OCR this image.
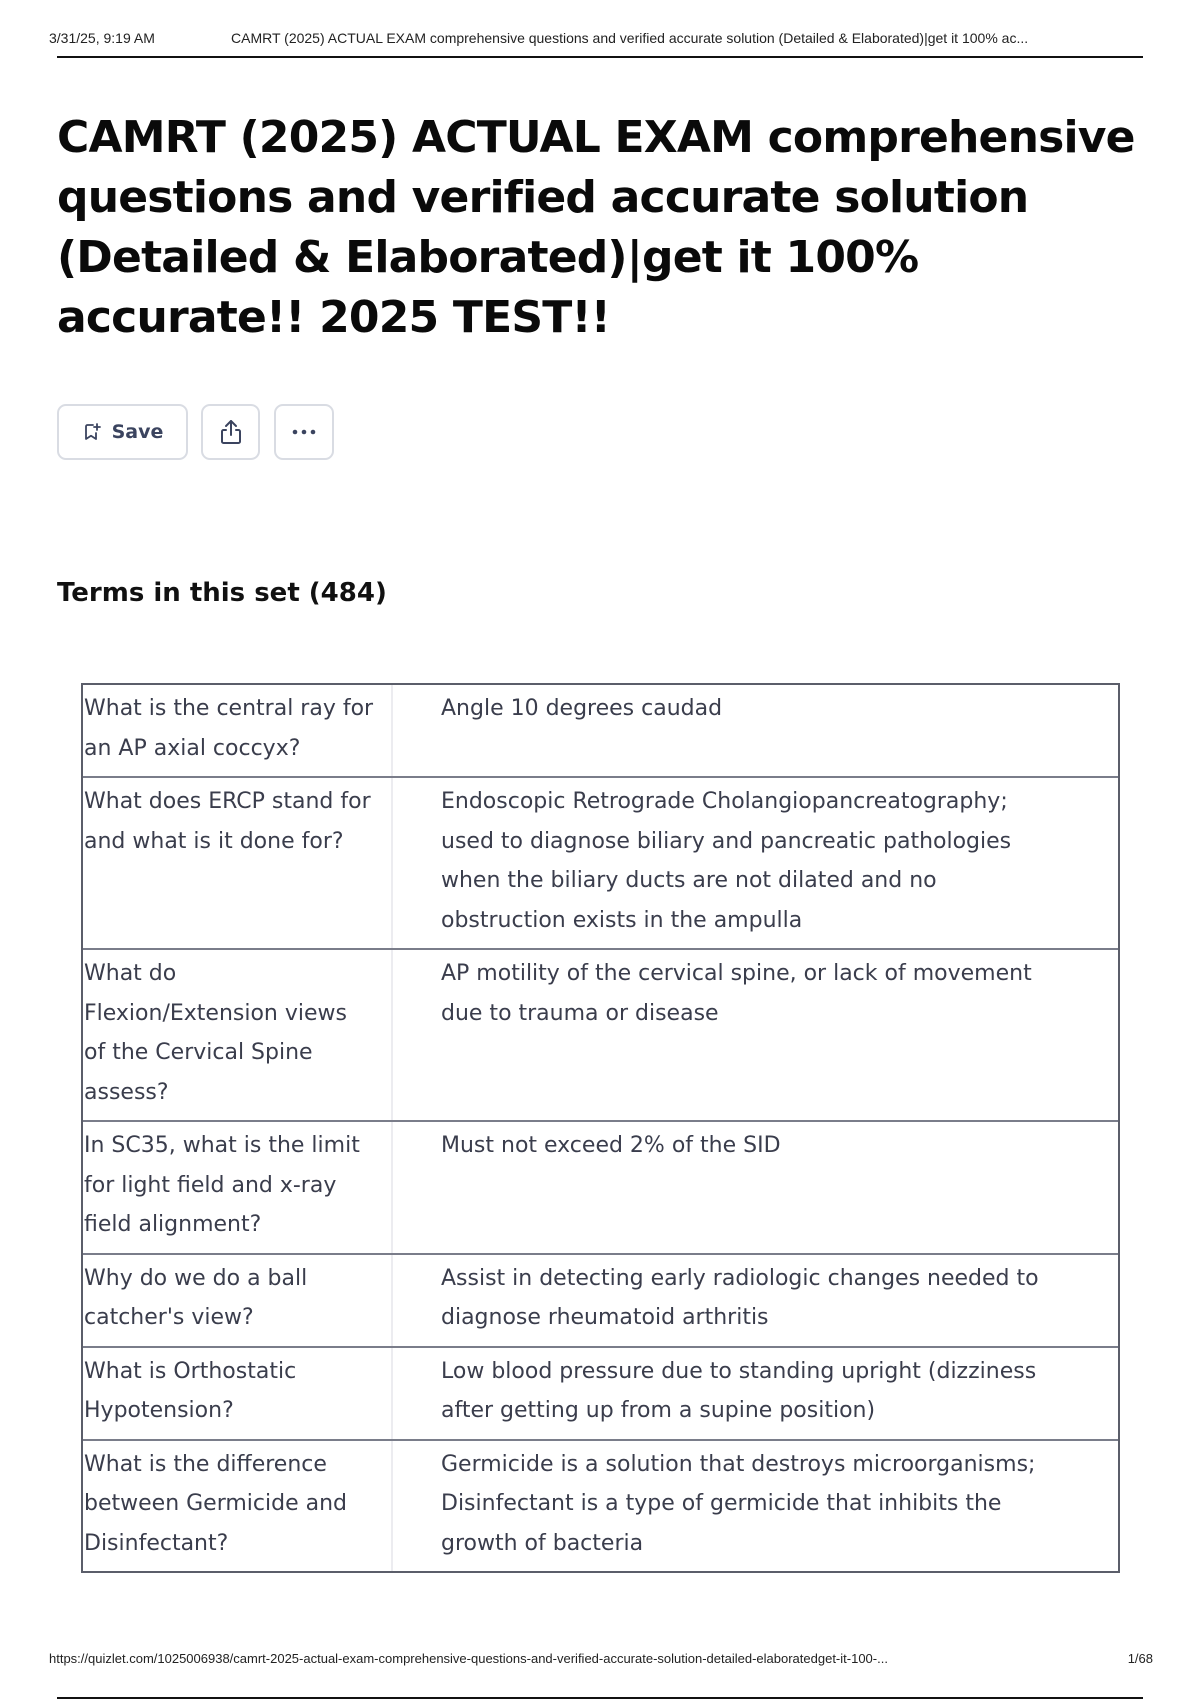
3/31/25, 9:19 AM	CAMRT (2025) ACTUAL EXAM comprehensive questions and verified accurate solution (Detailed & Elaborated)|get it 100% ac...
CAMRT (2025) ACTUAL EXAM comprehensive questions and verified accurate solution (Detailed & Elaborated)|get it 100% accurate!! 2025 TEST!!
Save
Terms in this set (484)
What is the central ray for an AP axial coccyx?
Angle 10 degrees caudad
What does ERCP stand for and what is it done for?
Endoscopic Retrograde Cholangiopancreatography; used to diagnose biliary and pancreatic pathologies when the biliary ducts are not dilated and no obstruction exists in the ampulla
What do Flexion/Extension views of the Cervical Spine assess?
AP motility of the cervical spine, or lack of movement due to trauma or disease
In SC35, what is the limit for light field and x-ray field alignment?
Must not exceed 2% of the SID
Why do we do a ball catcher's view?
Assist in detecting early radiologic changes needed to diagnose rheumatoid arthritis
What is Orthostatic Hypotension?
Low blood pressure due to standing upright (dizziness after getting up from a supine position)
What is the difference between Germicide and Disinfectant?
Germicide is a solution that destroys microorganisms; Disinfectant is a type of germicide that inhibits the growth of bacteria
https://quizlet.com/1025006938/camrt-2025-actual-exam-comprehensive-questions-and-verified-accurate-solution-detailed-elaboratedget-it-100-...	1/68
